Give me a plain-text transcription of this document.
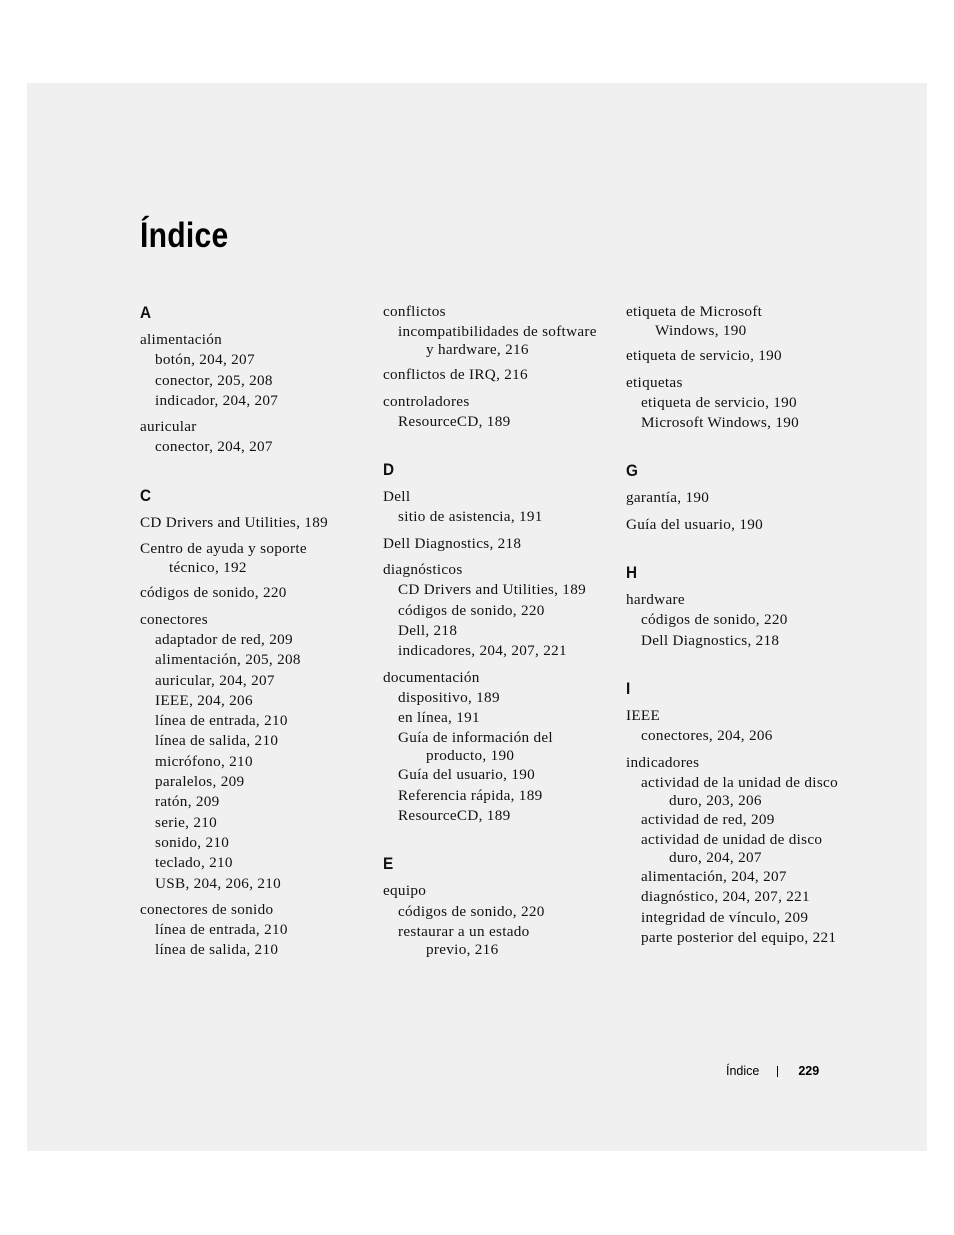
Índice
A
alimentación
botón, 204, 207
conector, 205, 208
indicador, 204, 207
auricular
conector, 204, 207
C
CD Drivers and Utilities, 189
Centro de ayuda y soporte
técnico, 192
códigos de sonido, 220
conectores
adaptador de red, 209
alimentación, 205, 208
auricular, 204, 207
IEEE, 204, 206
línea de entrada, 210
línea de salida, 210
micrófono, 210
paralelos, 209
ratón, 209
serie, 210
sonido, 210
teclado, 210
USB, 204, 206, 210
conectores de sonido
línea de entrada, 210
línea de salida, 210
conflictos
incompatibilidades de software
y hardware, 216
conflictos de IRQ, 216
controladores
ResourceCD, 189
D
Dell
sitio de asistencia, 191
Dell Diagnostics, 218
diagnósticos
CD Drivers and Utilities, 189
códigos de sonido, 220
Dell, 218
indicadores, 204, 207, 221
documentación
dispositivo, 189
en línea, 191
Guía de información del
producto, 190
Guía del usuario, 190
Referencia rápida, 189
ResourceCD, 189
E
equipo
códigos de sonido, 220
restaurar a un estado
previo, 216
etiqueta de Microsoft
Windows, 190
etiqueta de servicio, 190
etiquetas
etiqueta de servicio, 190
Microsoft Windows, 190
G
garantía, 190
Guía del usuario, 190
H
hardware
códigos de sonido, 220
Dell Diagnostics, 218
I
IEEE
conectores, 204, 206
indicadores
actividad de la unidad de disco
duro, 203, 206
actividad de red, 209
actividad de unidad de disco
duro, 204, 207
alimentación, 204, 207
diagnóstico, 204, 207, 221
integridad de vínculo, 209
parte posterior del equipo, 221
Índice	229
